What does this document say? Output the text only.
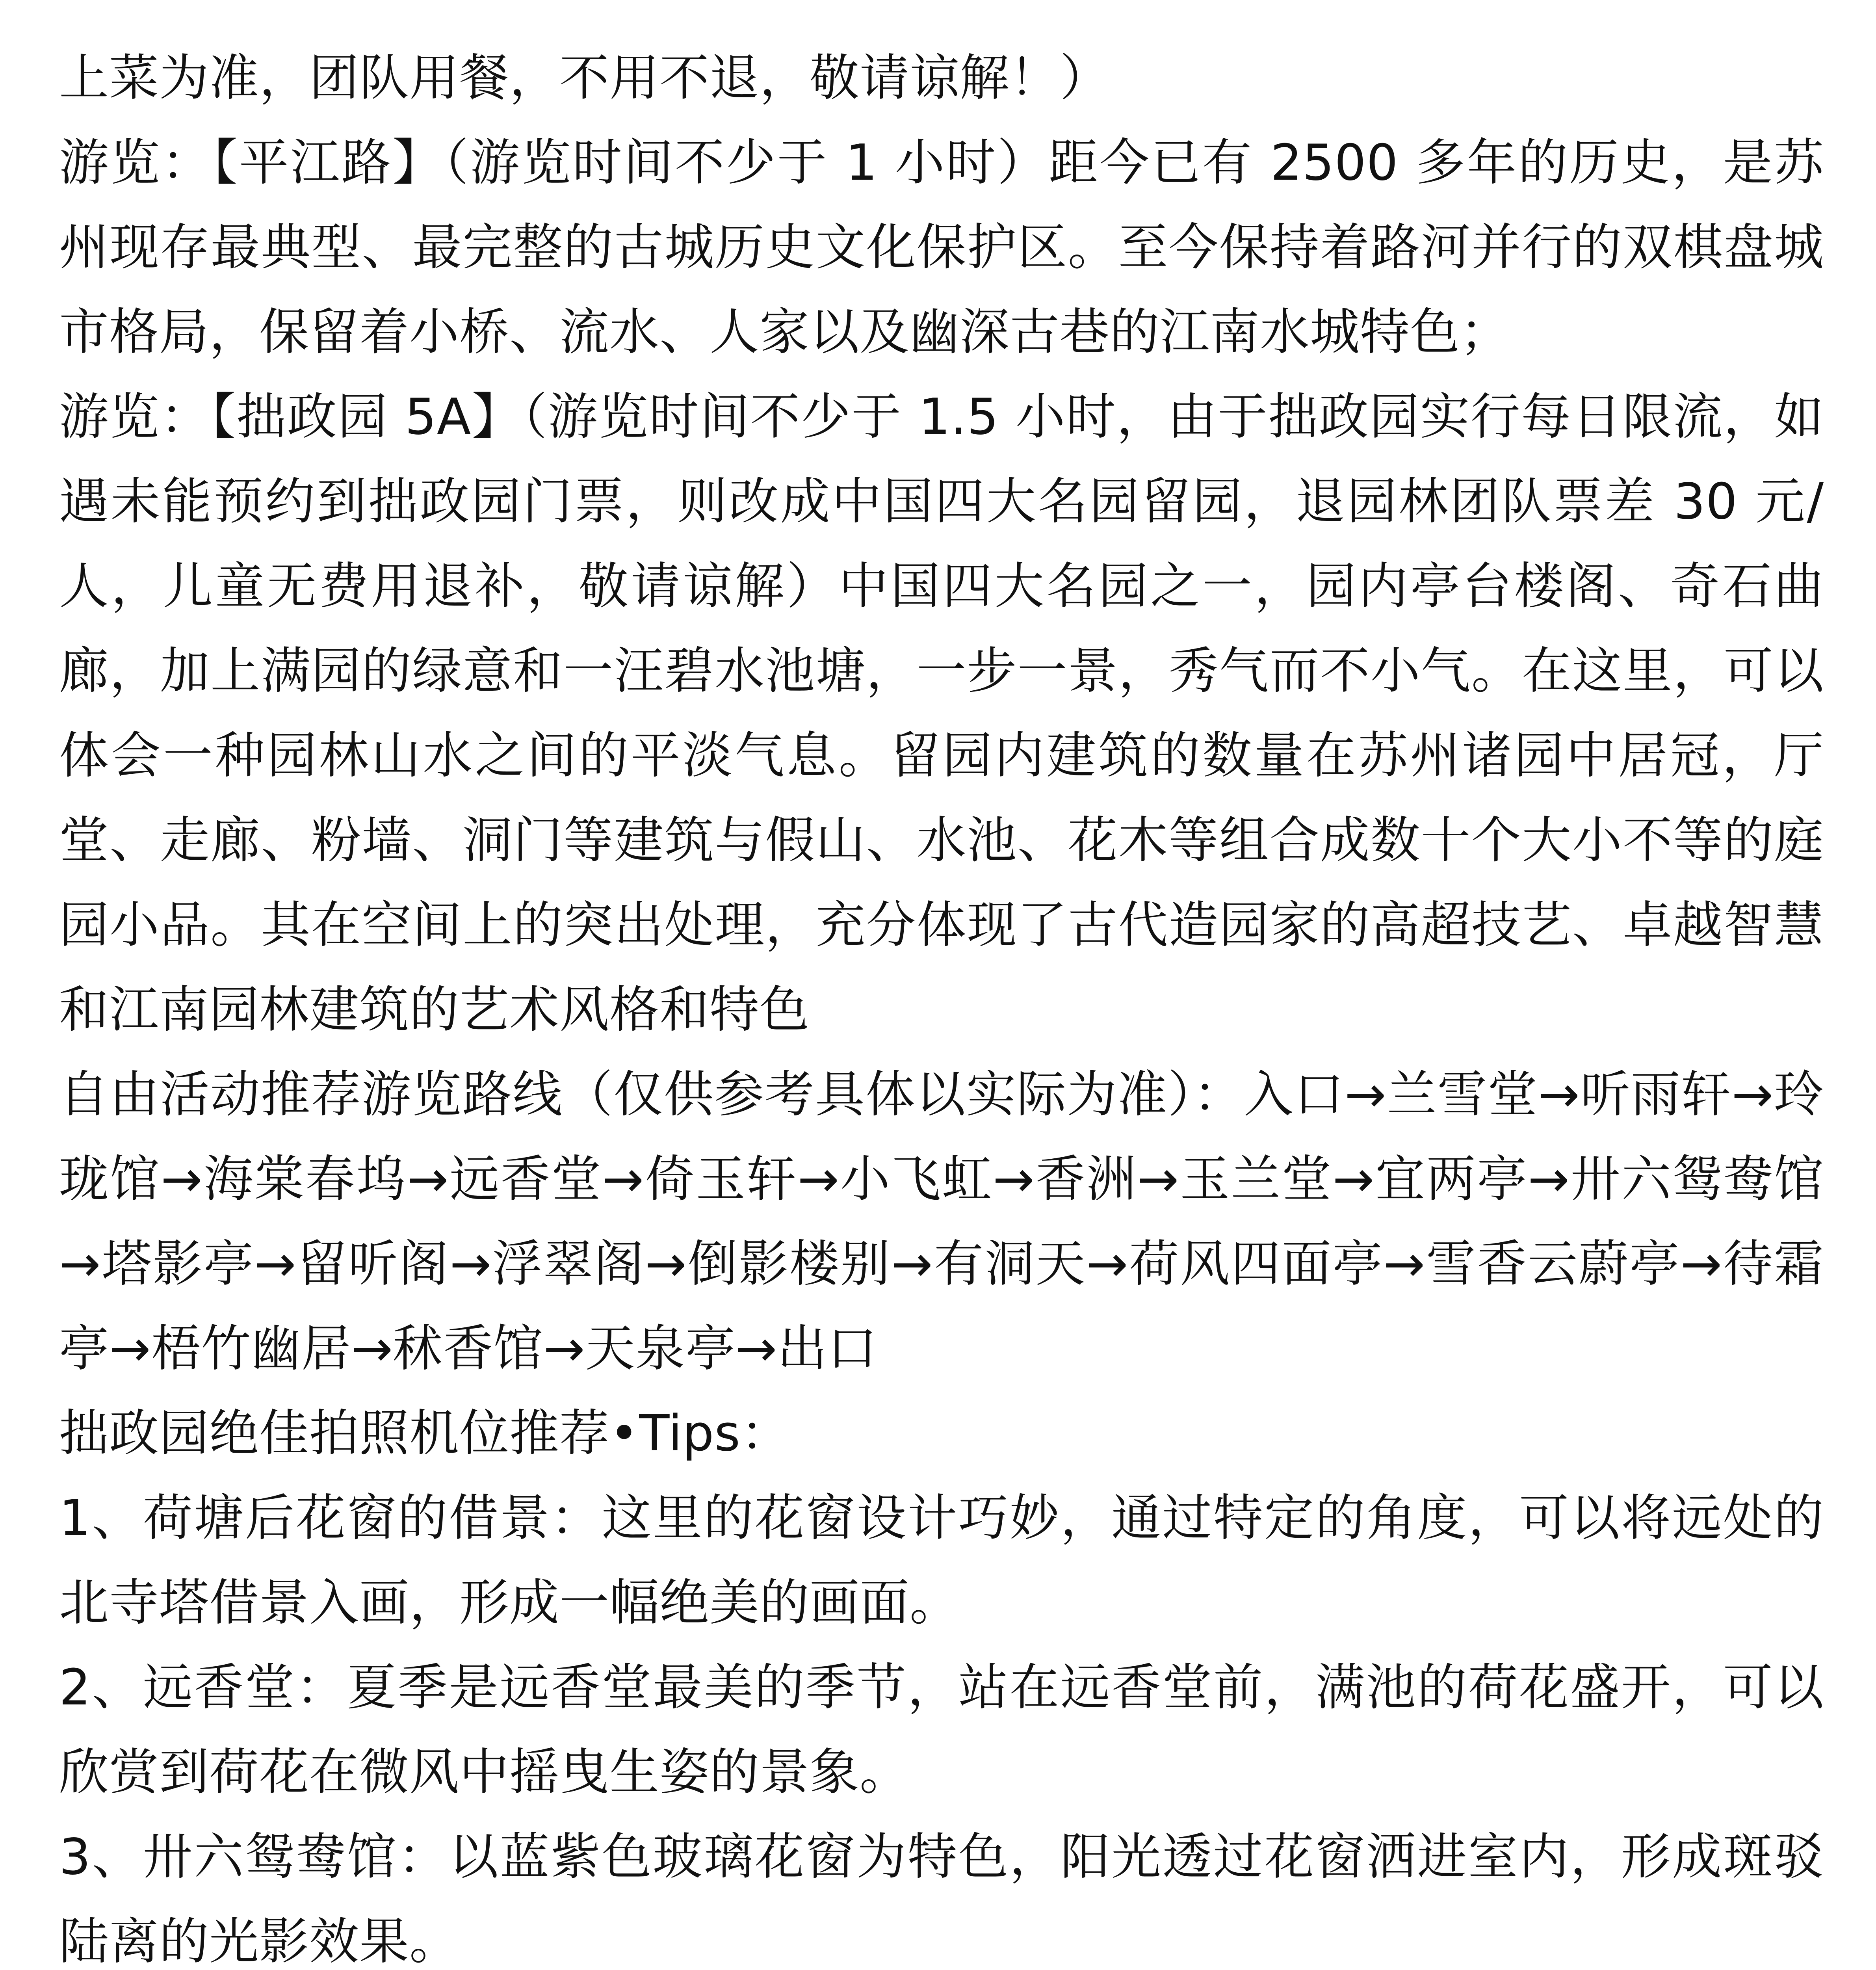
上菜为准，团队用餐，不用不退，敬请谅解！）

游览：【平江路】（游览时间不少于 1 小时）距今已有 2500 多年的历史，是苏州现存最典型、最完整的古城历史文化保护区。至今保持着路河并行的双棋盘城市格局，保留着小桥、流水、人家以及幽深古巷的江南水城特色；

游览：【拙政园 5A】（游览时间不少于 1.5 小时，由于拙政园实行每日限流，如遇未能预约到拙政园门票，则改成中国四大名园留园，退园林团队票差 30 元/人，儿童无费用退补，敬请谅解）中国四大名园之一，园内亭台楼阁、奇石曲廊，加上满园的绿意和一汪碧水池塘，一步一景，秀气而不小气。在这里，可以体会一种园林山水之间的平淡气息。留园内建筑的数量在苏州诸园中居冠，厅堂、走廊、粉墙、洞门等建筑与假山、水池、花木等组合成数十个大小不等的庭园小品。其在空间上的突出处理，充分体现了古代造园家的高超技艺、卓越智慧和江南园林建筑的艺术风格和特色

自由活动推荐游览路线（仅供参考具体以实际为准）：入口→兰雪堂→听雨轩→玲珑馆→海棠春坞→远香堂→倚玉轩→小飞虹→香洲→玉兰堂→宜两亭→卅六鸳鸯馆→塔影亭→留听阁→浮翠阁→倒影楼别→有洞天→荷风四面亭→雪香云蔚亭→待霜亭→梧竹幽居→秫香馆→天泉亭→出口

拙政园绝佳拍照机位推荐•Tips：

1、荷塘后花窗的借景：这里的花窗设计巧妙，通过特定的角度，可以将远处的北寺塔借景入画，形成一幅绝美的画面。

2、远香堂：夏季是远香堂最美的季节，站在远香堂前，满池的荷花盛开，可以欣赏到荷花在微风中摇曳生姿的景象。

3、卅六鸳鸯馆：以蓝紫色玻璃花窗为特色，阳光透过花窗洒进室内，形成斑驳陆离的光影效果。
